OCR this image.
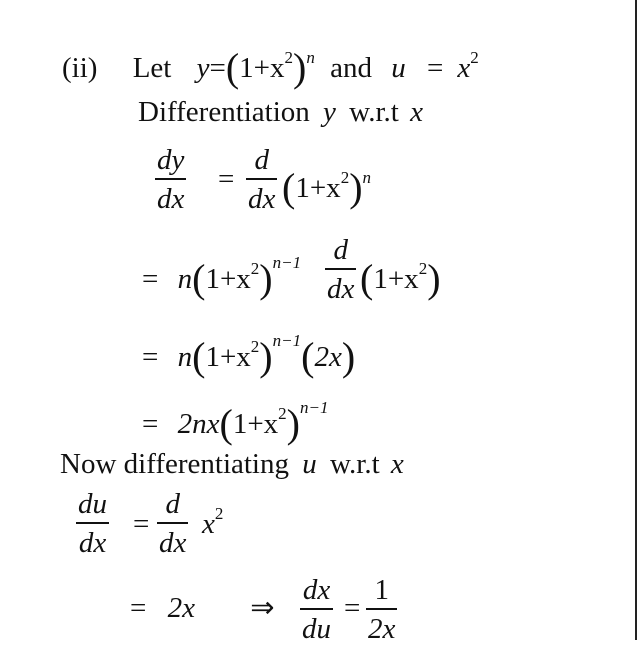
(ii) Let $y=(1+x^2)^n$ and $u = x^2$
Differentiation y w.r.t x
dy
dx
=
d
dx $(1+x^2)^n$
= $n(1+x^2)^{n-1}$ d
dx $(1+x^2)$
= $n(1+x^2)^{n-1}(2x)$
= $2nx(1+x^2)^{n-1}$
Now differentiating u w.r.t x
du
dx
=
d
dx
$x^2$
= 2x ⇒
dx
du
=
1
2x
